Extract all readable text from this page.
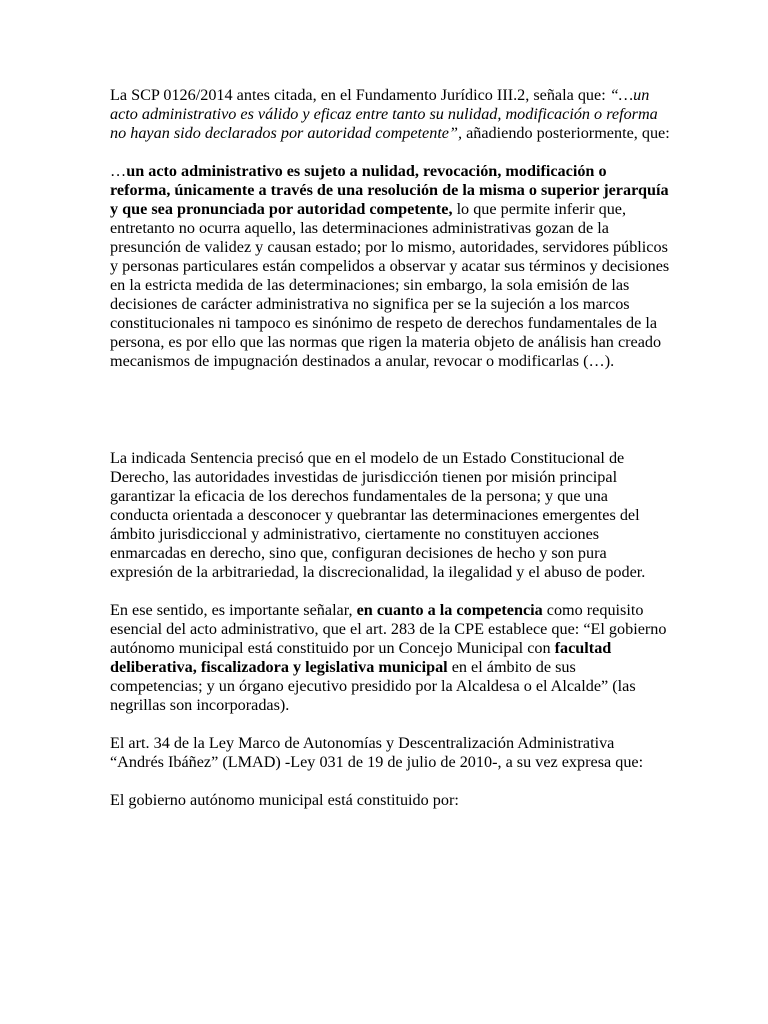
La SCP 0126/2014 antes citada, en el Fundamento Jurídico III.2, señala que: “…un acto administrativo es válido y eficaz entre tanto su nulidad, modificación o reforma no hayan sido declarados por autoridad competente”, añadiendo posteriormente, que:

…un acto administrativo es sujeto a nulidad, revocación, modificación o reforma, únicamente a través de una resolución de la misma o superior jerarquía y que sea pronunciada por autoridad competente, lo que permite inferir que, entretanto no ocurra aquello, las determinaciones administrativas gozan de la presunción de validez y causan estado; por lo mismo, autoridades, servidores públicos y personas particulares están compelidos a observar y acatar sus términos y decisiones en la estricta medida de las determinaciones; sin embargo, la sola emisión de las decisiones de carácter administrativa no significa per se la sujeción a los marcos constitucionales ni tampoco es sinónimo de respeto de derechos fundamentales de la persona, es por ello que las normas que rigen la materia objeto de análisis han creado mecanismos de impugnación destinados a anular, revocar o modificarlas (…).

La indicada Sentencia precisó que en el modelo de un Estado Constitucional de Derecho, las autoridades investidas de jurisdicción tienen por misión principal garantizar la eficacia de los derechos fundamentales de la persona; y que una conducta orientada a desconocer y quebrantar las determinaciones emergentes del ámbito jurisdiccional y administrativo, ciertamente no constituyen acciones enmarcadas en derecho, sino que, configuran decisiones de hecho y son pura expresión de la arbitrariedad, la discrecionalidad, la ilegalidad y el abuso de poder.

En ese sentido, es importante señalar, en cuanto a la competencia como requisito esencial del acto administrativo, que el art. 283 de la CPE establece que: “El gobierno autónomo municipal está constituido por un Concejo Municipal con facultad deliberativa, fiscalizadora y legislativa municipal en el ámbito de sus competencias; y un órgano ejecutivo presidido por la Alcaldesa o el Alcalde” (las negrillas son incorporadas).

El art. 34 de la Ley Marco de Autonomías y Descentralización Administrativa “Andrés Ibáñez” (LMAD) -Ley 031 de 19 de julio de 2010-, a su vez expresa que:

El gobierno autónomo municipal está constituido por:
